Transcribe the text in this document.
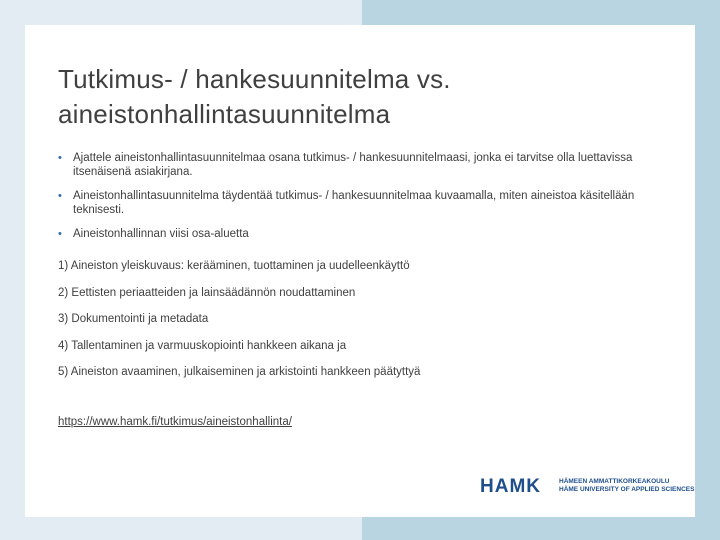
Tutkimus- / hankesuunnitelma vs.
aineistonhallintasuunnitelma
• Ajattele aineistonhallintasuunnitelmaa osana tutkimus- / hankesuunnitelmaasi, jonka ei tarvitse olla luettavissa itsenäisenä asiakirjana.
• Aineistonhallintasuunnitelma täydentää tutkimus- / hankesuunnitelmaa kuvaamalla, miten aineistoa käsitellään teknisesti.
• Aineistonhallinnan viisi osa-aluetta
1) Aineiston yleiskuvaus: kerääminen, tuottaminen ja uudelleenkäyttö
2) Eettisten periaatteiden ja lainsäädännön noudattaminen
3) Dokumentointi ja metadata
4) Tallentaminen ja varmuuskopiointi hankkeen aikana ja
5) Aineiston avaaminen, julkaiseminen ja arkistointi hankkeen päätyttyä
https://www.hamk.fi/tutkimus/aineistonhallinta/
HAMK	HÄMEEN AMMATTIKORKEAKOULU
HÄME UNIVERSITY OF APPLIED SCIENCES
